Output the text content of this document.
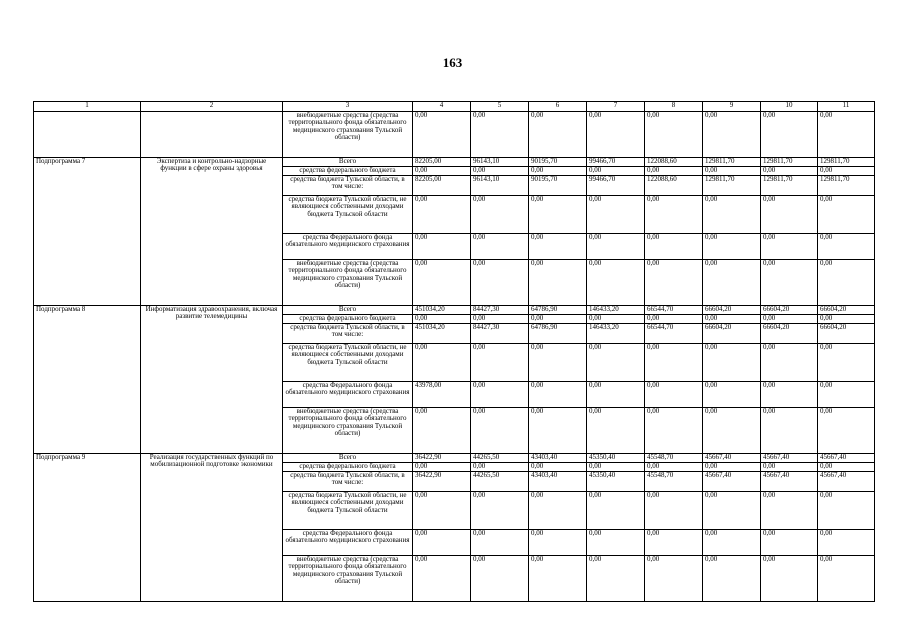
163
1	2	3	4	5	6	7	8	9	10	11
		внебюджетные средства (средства территориального фонда обязательного медицинского страхования Тульской области)	0,00	0,00	0,00	0,00	0,00	0,00	0,00	0,00
Подпрограмма 7	Экспертиза и контрольно-надзорные функции в сфере охраны здоровья	Всего	82205,00	96143,10	90195,70	99466,70	122088,60	129811,70	129811,70	129811,70
		средства федерального бюджета	0,00	0,00	0,00	0,00	0,00	0,00	0,00	0,00
		средства бюджета Тульской области, в том числе:	82205,00	96143,10	90195,70	99466,70	122088,60	129811,70	129811,70	129811,70
		средства бюджета Тульской области, не являющиеся собственными доходами бюджета Тульской области	0,00	0,00	0,00	0,00	0,00	0,00	0,00	0,00
		средства Федерального фонда обязательного медицинского страхования	0,00	0,00	0,00	0,00	0,00	0,00	0,00	0,00
		внебюджетные средства (средства территориального фонда обязательного медицинского страхования Тульской области)	0,00	0,00	0,00	0,00	0,00	0,00	0,00	0,00
Подпрограмма 8	Информатизация здравоохранения, включая развитие телемедицины	Всего	451034,20	84427,30	64786,90	146433,20	66544,70	66604,20	66604,20	66604,20
		средства федерального бюджета	0,00	0,00	0,00	0,00	0,00	0,00	0,00	0,00
		средства бюджета Тульской области, в том числе:	451034,20	84427,30	64786,90	146433,20	66544,70	66604,20	66604,20	66604,20
		средства бюджета Тульской области, не являющиеся собственными доходами бюджета Тульской области	0,00	0,00	0,00	0,00	0,00	0,00	0,00	0,00
		средства Федерального фонда обязательного медицинского страхования	43978,00	0,00	0,00	0,00	0,00	0,00	0,00	0,00
		внебюджетные средства (средства территориального фонда обязательного медицинского страхования Тульской области)	0,00	0,00	0,00	0,00	0,00	0,00	0,00	0,00
Подпрограмма 9	Реализация государственных функций по мобилизационной подготовке экономики	Всего	36422,90	44265,50	43403,40	45350,40	45548,70	45667,40	45667,40	45667,40
		средства федерального бюджета	0,00	0,00	0,00	0,00	0,00	0,00	0,00	0,00
		средства бюджета Тульской области, в том числе:	36422,90	44265,50	43403,40	45350,40	45548,70	45667,40	45667,40	45667,40
		средства бюджета Тульской области, не являющиеся собственными доходами бюджета Тульской области	0,00	0,00	0,00	0,00	0,00	0,00	0,00	0,00
		средства Федерального фонда обязательного медицинского страхования	0,00	0,00	0,00	0,00	0,00	0,00	0,00	0,00
		внебюджетные средства (средства территориального фонда обязательного медицинского страхования Тульской области)	0,00	0,00	0,00	0,00	0,00	0,00	0,00	0,00
